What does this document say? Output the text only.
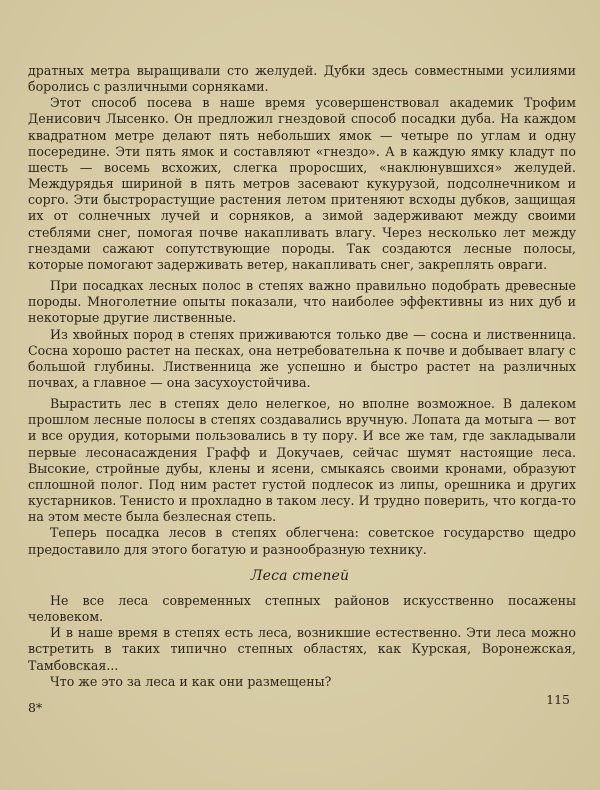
дратных метра выращивали сто желудей. Дубки здесь совместными усилиями боролись с различными сорняками.

Этот способ посева в наше время усовершенствовал академик Трофим Денисович Лысенко. Он предложил гнездовой способ посадки дуба. На каждом квадратном метре делают пять небольших ямок — четыре по углам и одну посередине. Эти пять ямок и составляют «гнездо». А в каждую ямку кладут по шесть — восемь всхожих, слегка проросших, «наклюнувшихся» желудей. Междурядья шириной в пять метров засевают кукурузой, подсолнечником и сорго. Эти быстрорастущие растения летом притеняют всходы дубков, защищая их от солнечных лучей и сорняков, а зимой задерживают между своими стеблями снег, помогая почве накапливать влагу. Через несколько лет между гнездами сажают сопутствующие породы. Так создаются лесные полосы, которые помогают задерживать ветер, накапливать снег, закреплять овраги.

При посадках лесных полос в степях важно правильно подобрать древесные породы. Многолетние опыты показали, что наиболее эффективны из них дуб и некоторые другие лиственные.

Из хвойных пород в степях приживаются только две — сосна и лиственница. Сосна хорошо растет на песках, она нетребовательна к почве и добывает влагу с большой глубины. Лиственница же успешно и быстро растет на различных почвах, а главное — она засухоустойчива.

Вырастить лес в степях дело нелегкое, но вполне возможное. В далеком прошлом лесные полосы в степях создавались вручную. Лопата да мотыга — вот и все орудия, которыми пользовались в ту пору. И все же там, где закладывали первые лесонасаждения Графф и Докучаев, сейчас шумят настоящие леса. Высокие, стройные дубы, клены и ясени, смыкаясь своими кронами, образуют сплошной полог. Под ним растет густой подлесок из липы, орешника и других кустарников. Тенисто и прохладно в таком лесу. И трудно поверить, что когда-то на этом месте была безлесная степь.

Теперь посадка лесов в степях облегчена: советское государство щедро предоставило для этого богатую и разнообразную технику.

Леса степей

Не все леса современных степных районов искусственно посажены человеком.

И в наше время в степях есть леса, возникшие естественно. Эти леса можно встретить в таких типично степных областях, как Курская, Воронежская, Тамбовская...

Что же это за леса и как они размещены?

8*
115
